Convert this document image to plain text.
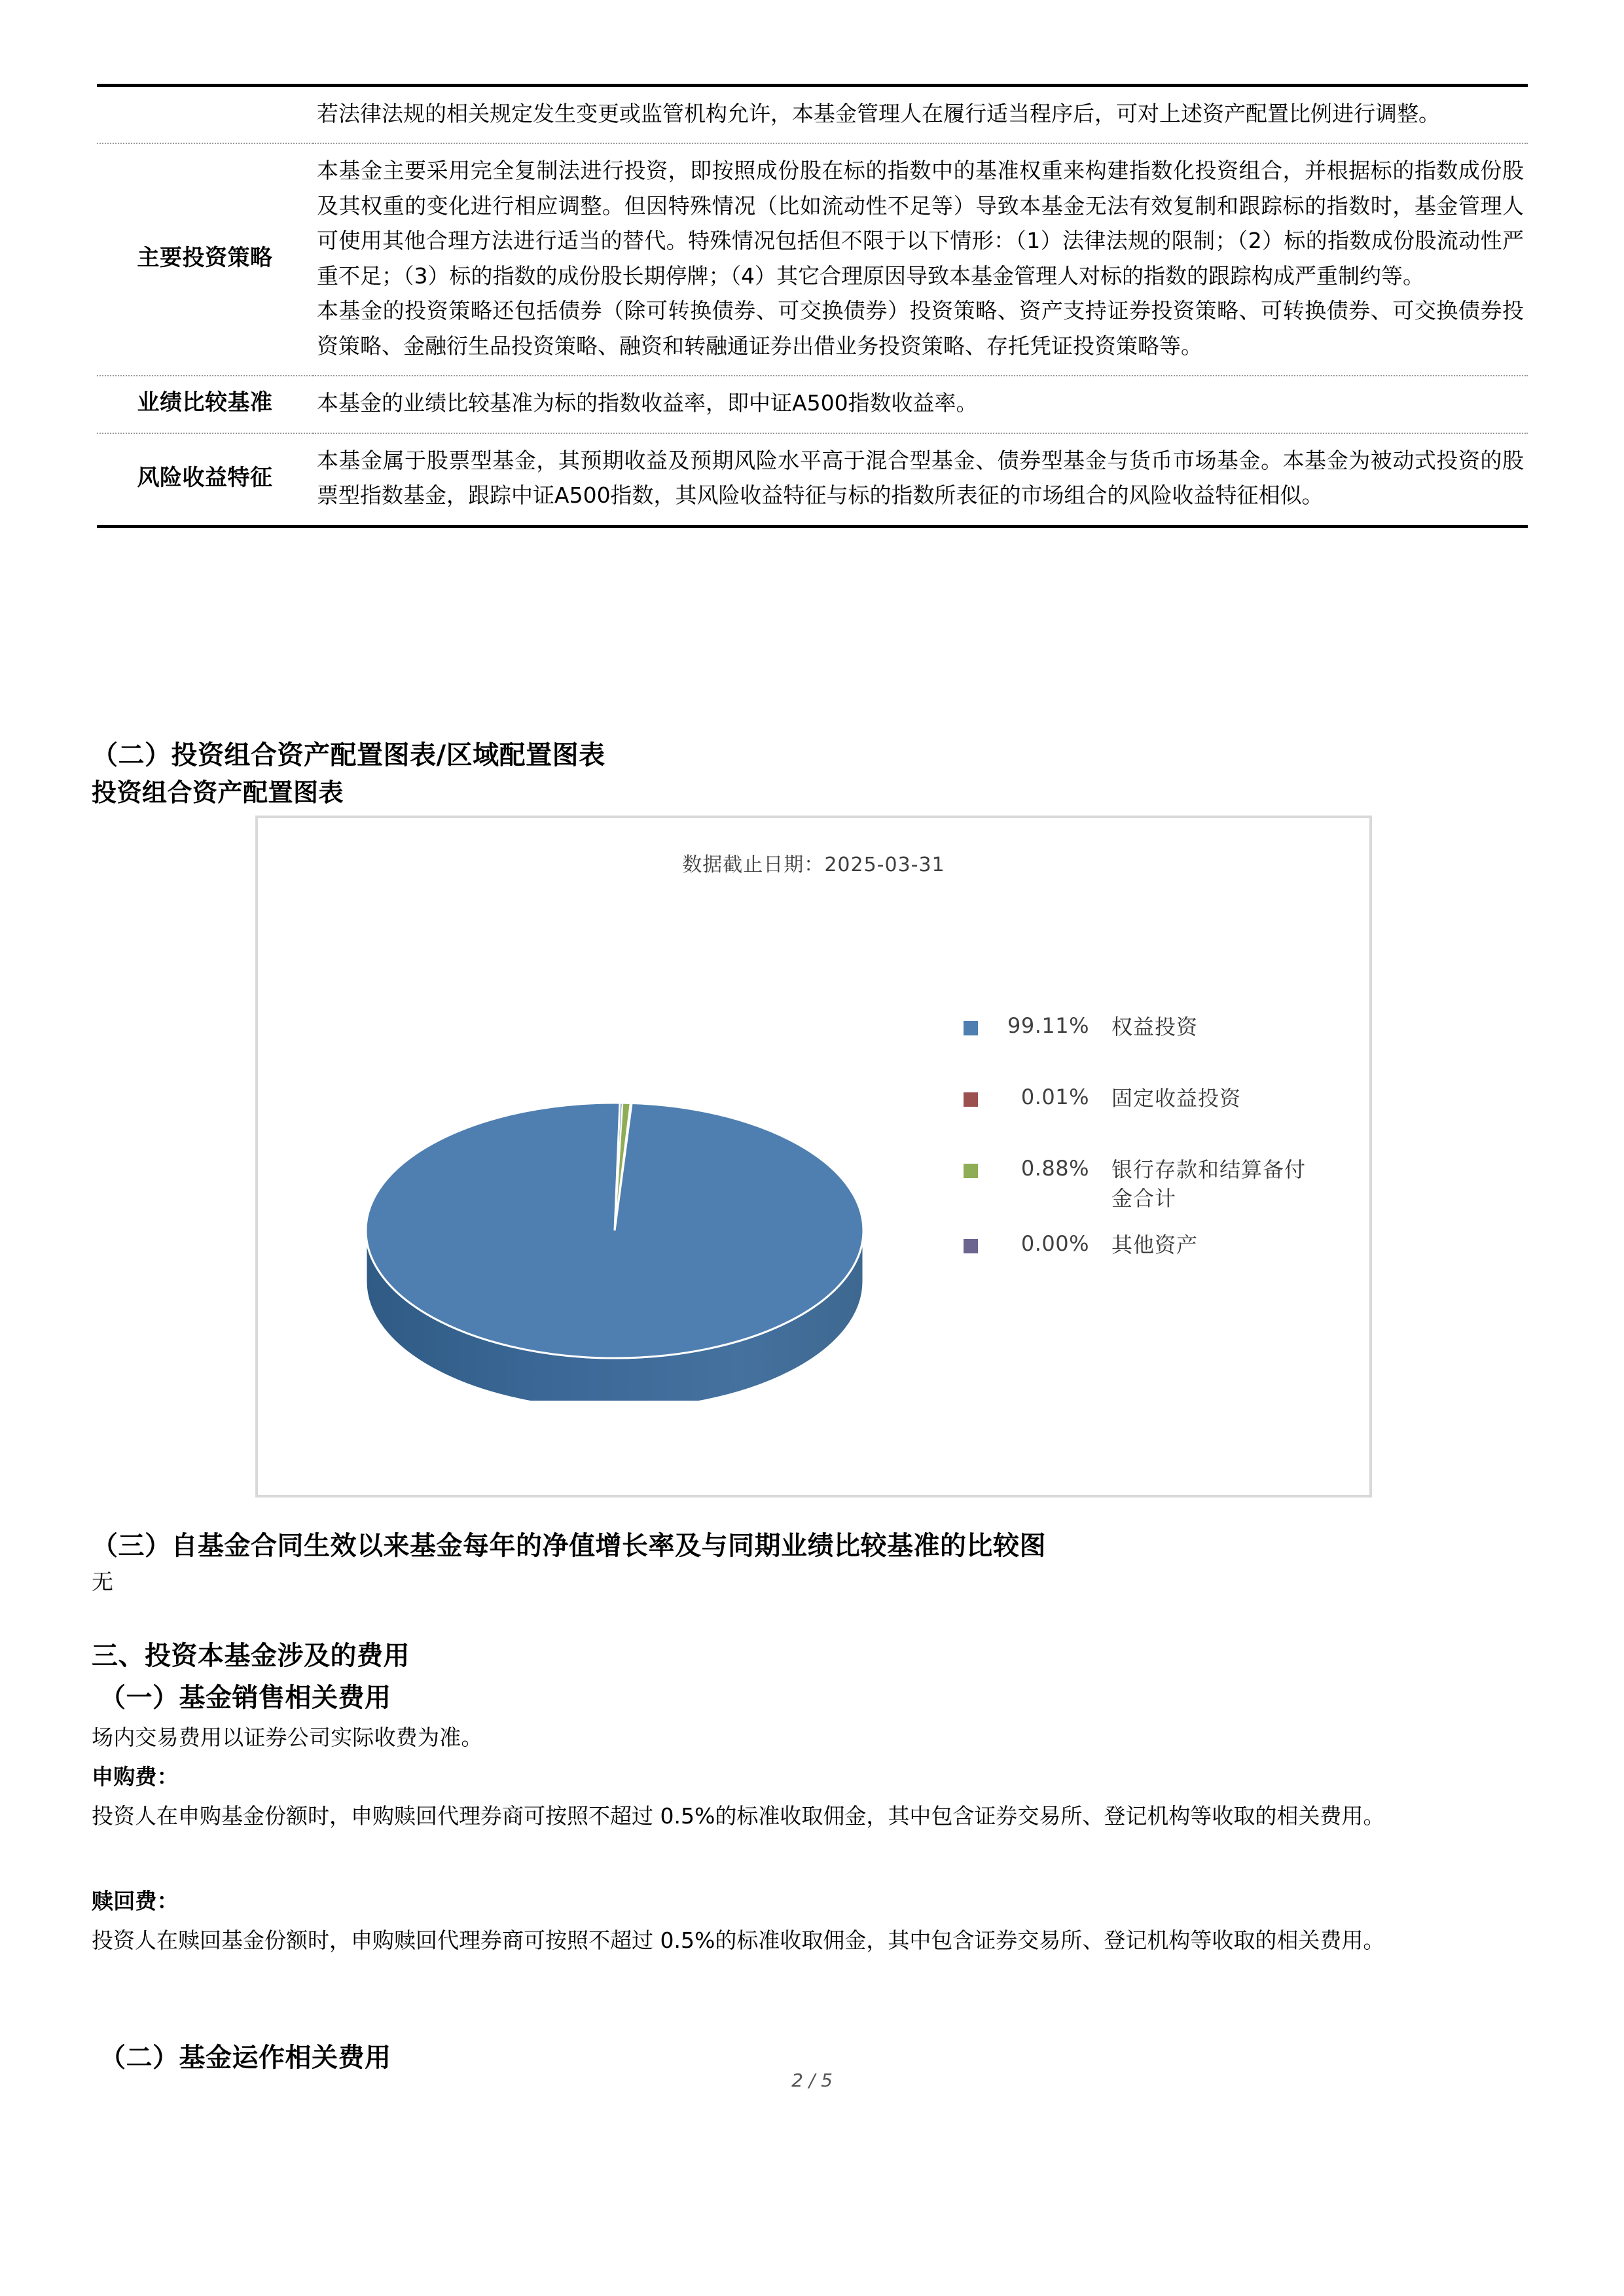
	若法律法规的相关规定发生变更或监管机构允许，本基金管理人在履行适当程序后，可对上述资产配置比例进行调整。

主要投资策略	本基金主要采用完全复制法进行投资，即按照成份股在标的指数中的基准权重来构建指数化投资组合，并根据标的指数成份股及其权重的变化进行相应调整。但因特殊情况（比如流动性不足等）导致本基金无法有效复制和跟踪标的指数时，基金管理人可使用其他合理方法进行适当的替代。特殊情况包括但不限于以下情形：（1）法律法规的限制；（2）标的指数成份股流动性严重不足；（3）标的指数的成份股长期停牌；（4）其它合理原因导致本基金管理人对标的指数的跟踪构成严重制约等。

本基金的投资策略还包括债券（除可转换债券、可交换债券）投资策略、资产支持证券投资策略、可转换债券、可交换债券投资策略、金融衍生品投资策略、融资和转融通证券出借业务投资策略、存托凭证投资策略等。

业绩比较基准	本基金的业绩比较基准为标的指数收益率，即中证A500指数收益率。

风险收益特征	本基金属于股票型基金，其预期收益及预期风险水平高于混合型基金、债券型基金与货币市场基金。本基金为被动式投资的股票型指数基金，跟踪中证A500指数，其风险收益特征与标的指数所表征的市场组合的风险收益特征相似。

（二）投资组合资产配置图表/区域配置图表
投资组合资产配置图表
数据截止日期：2025-03-31
99.11%	权益投资
0.01%	固定收益投资
0.88%	银行存款和结算备付金合计
0.00%	其他资产
（三）自基金合同生效以来基金每年的净值增长率及与同期业绩比较基准的比较图
无
三、投资本基金涉及的费用
（一）基金销售相关费用
场内交易费用以证券公司实际收费为准。
申购费：
投资人在申购基金份额时，申购赎回代理券商可按照不超过 0.5%的标准收取佣金，其中包含证券交易所、登记机构等收取的相关费用。
赎回费：
投资人在赎回基金份额时，申购赎回代理券商可按照不超过 0.5%的标准收取佣金，其中包含证券交易所、登记机构等收取的相关费用。
（二）基金运作相关费用
2 / 5
